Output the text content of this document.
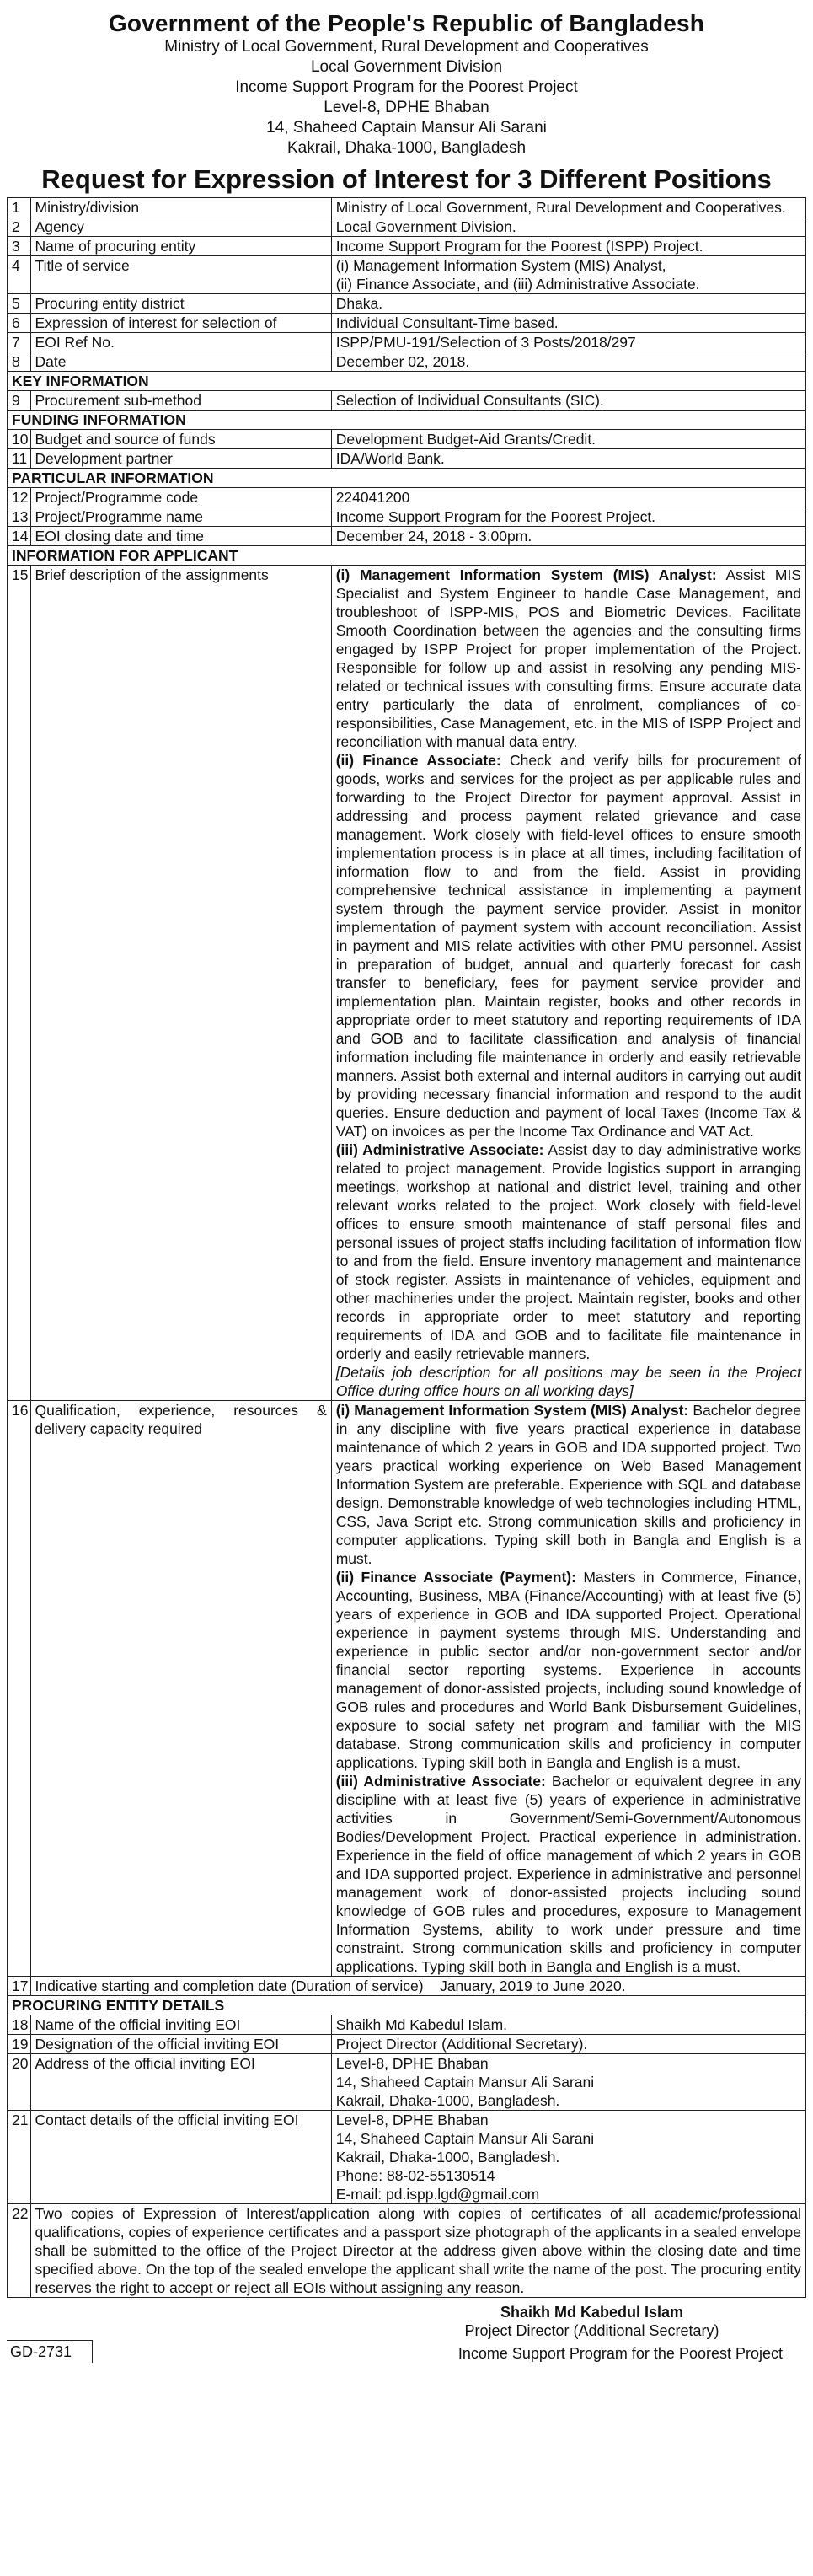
Government of the People's Republic of Bangladesh
Ministry of Local Government, Rural Development and Cooperatives
Local Government Division
Income Support Program for the Poorest Project
Level-8, DPHE Bhaban
14, Shaheed Captain Mansur Ali Sarani
Kakrail, Dhaka-1000, Bangladesh
Request for Expression of Interest for 3 Different Positions
1	Ministry/division	Ministry of Local Government, Rural Development and Cooperatives.
2	Agency	Local Government Division.
3	Name of procuring entity	Income Support Program for the Poorest (ISPP) Project.
4	Title of service	(i) Management Information System (MIS) Analyst,
(ii) Finance Associate, and (iii) Administrative Associate.

5	Procuring entity district	Dhaka.
6	Expression of interest for selection of	Individual Consultant-Time based.
7	EOI Ref No.	ISPP/PMU-191/Selection of 3 Posts/2018/297
8	Date	December 02, 2018.
KEY INFORMATION		
9	Procurement sub-method	Selection of Individual Consultants (SIC).
FUNDING INFORMATION		
10	Budget and source of funds	Development Budget-Aid Grants/Credit.
11	Development partner	IDA/World Bank.
PARTICULAR INFORMATION		
12	Project/Programme code	224041200
13	Project/Programme name	Income Support Program for the Poorest Project.
14	EOI closing date and time	December 24, 2018 - 3:00pm.
INFORMATION FOR APPLICANT		
15	Brief description of the assignments	(i) Management Information System (MIS) Analyst: Assist MIS Specialist and System Engineer to handle Case Management, and troubleshoot of ISPP-MIS, POS and Biometric Devices. Facilitate Smooth Coordination between the agencies and the consulting firms engaged by ISPP Project for proper implementation of the Project. Responsible for follow up and assist in resolving any pending MIS-related or technical issues with consulting firms. Ensure accurate data entry particularly the data of enrolment, compliances of co-responsibilities, Case Management, etc. in the MIS of ISPP Project and reconciliation with manual data entry.

(ii) Finance Associate: Check and verify bills for procurement of goods, works and services for the project as per applicable rules and forwarding to the Project Director for payment approval. Assist in addressing and process payment related grievance and case management. Work closely with field-level offices to ensure smooth implementation process is in place at all times, including facilitation of information flow to and from the field. Assist in providing comprehensive technical assistance in implementing a payment system through the payment service provider. Assist in monitor implementation of payment system with account reconciliation. Assist in payment and MIS relate activities with other PMU personnel. Assist in preparation of budget, annual and quarterly forecast for cash transfer to beneficiary, fees for payment service provider and implementation plan. Maintain register, books and other records in appropriate order to meet statutory and reporting requirements of IDA and GOB and to facilitate classification and analysis of financial information including file maintenance in orderly and easily retrievable manners. Assist both external and internal auditors in carrying out audit by providing necessary financial information and respond to the audit queries. Ensure deduction and payment of local Taxes (Income Tax & VAT) on invoices as per the Income Tax Ordinance and VAT Act.

(iii) Administrative Associate: Assist day to day administrative works related to project management. Provide logistics support in arranging meetings, workshop at national and district level, training and other relevant works related to the project. Work closely with field-level offices to ensure smooth maintenance of staff personal files and personal issues of project staffs including facilitation of information flow to and from the field. Ensure inventory management and maintenance of stock register. Assists in maintenance of vehicles, equipment and other machineries under the project. Maintain register, books and other records in appropriate order to meet statutory and reporting requirements of IDA and GOB and to facilitate file maintenance in orderly and easily retrievable manners.

[Details job description for all positions may be seen in the Project Office during office hours on all working days]

16	Qualification, experience, resources & delivery capacity required	(i) Management Information System (MIS) Analyst: Bachelor degree in any discipline with five years practical experience in database maintenance of which 2 years in GOB and IDA supported project. Two years practical working experience on Web Based Management Information System are preferable. Experience with SQL and database design. Demonstrable knowledge of web technologies including HTML, CSS, Java Script etc. Strong communication skills and proficiency in computer applications. Typing skill both in Bangla and English is a must.

(ii) Finance Associate (Payment): Masters in Commerce, Finance, Accounting, Business, MBA (Finance/Accounting) with at least five (5) years of experience in GOB and IDA supported Project. Operational experience in payment systems through MIS. Understanding and experience in public sector and/or non-government sector and/or financial sector reporting systems. Experience in accounts management of donor-assisted projects, including sound knowledge of GOB rules and procedures and World Bank Disbursement Guidelines, exposure to social safety net program and familiar with the MIS database. Strong communication skills and proficiency in computer applications. Typing skill both in Bangla and English is a must.

(iii) Administrative Associate: Bachelor or equivalent degree in any discipline with at least five (5) years of experience in administrative activities in Government/Semi-Government/Autonomous Bodies/Development Project. Practical experience in administration. Experience in the field of office management of which 2 years in GOB and IDA supported project. Experience in administrative and personnel management work of donor-assisted projects including sound knowledge of GOB rules and procedures, exposure to Management Information Systems, ability to work under pressure and time constraint. Strong communication skills and proficiency in computer applications. Typing skill both in Bangla and English is a must.

17	Indicative starting and completion date (Duration of service) January, 2019 to June 2020.	
PROCURING ENTITY DETAILS		
18	Name of the official inviting EOI	Shaikh Md Kabedul Islam.
19	Designation of the official inviting EOI	Project Director (Additional Secretary).
20	Address of the official inviting EOI	Level-8, DPHE Bhaban
14, Shaheed Captain Mansur Ali Sarani
Kakrail, Dhaka-1000, Bangladesh.

21	Contact details of the official inviting EOI	Level-8, DPHE Bhaban
14, Shaheed Captain Mansur Ali Sarani
Kakrail, Dhaka-1000, Bangladesh.
Phone: 88-02-55130514
E-mail: pd.ispp.lgd@gmail.com

22	Two copies of Expression of Interest/application along with copies of certificates of all academic/professional qualifications, copies of experience certificates and a passport size photograph of the applicants in a sealed envelope shall be submitted to the office of the Project Director at the address given above within the closing date and time specified above. On the top of the sealed envelope the applicant shall write the name of the post. The procuring entity reserves the right to accept or reject all EOIs without assigning any reason.	
Shaikh Md Kabedul Islam
Project Director (Additional Secretary)
GD-2731	Income Support Program for the Poorest Project
